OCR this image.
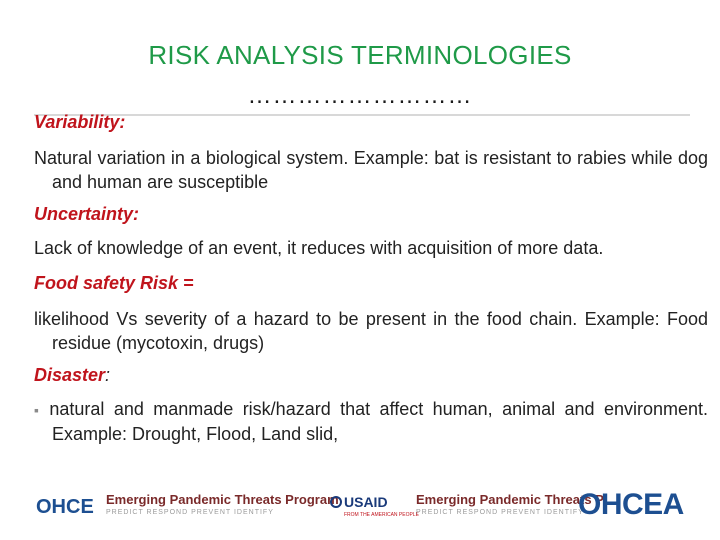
RISK ANALYSIS TERMINOLOGIES
………………………
Variability:
Natural variation in a biological system. Example: bat is resistant to rabies while dog and human are susceptible
Uncertainty:
Lack of knowledge of an event, it reduces with acquisition of more data.
Food safety Risk =
likelihood Vs severity of a hazard to be present in the food chain. Example: Food residue (mycotoxin, drugs)
Disaster:
▪ natural and manmade risk/hazard that affect human, animal and environment. Example: Drought, Flood, Land slid,
OHCE Emerging Pandemic Threats Program
PREDICT RESPOND PREVENT IDENTIFY
USAID
FROM THE AMERICAN PEOPLE
Emerging Pandemic Threats P
PREDICT RESPOND PREVENT IDENTIFY
OHCEA
